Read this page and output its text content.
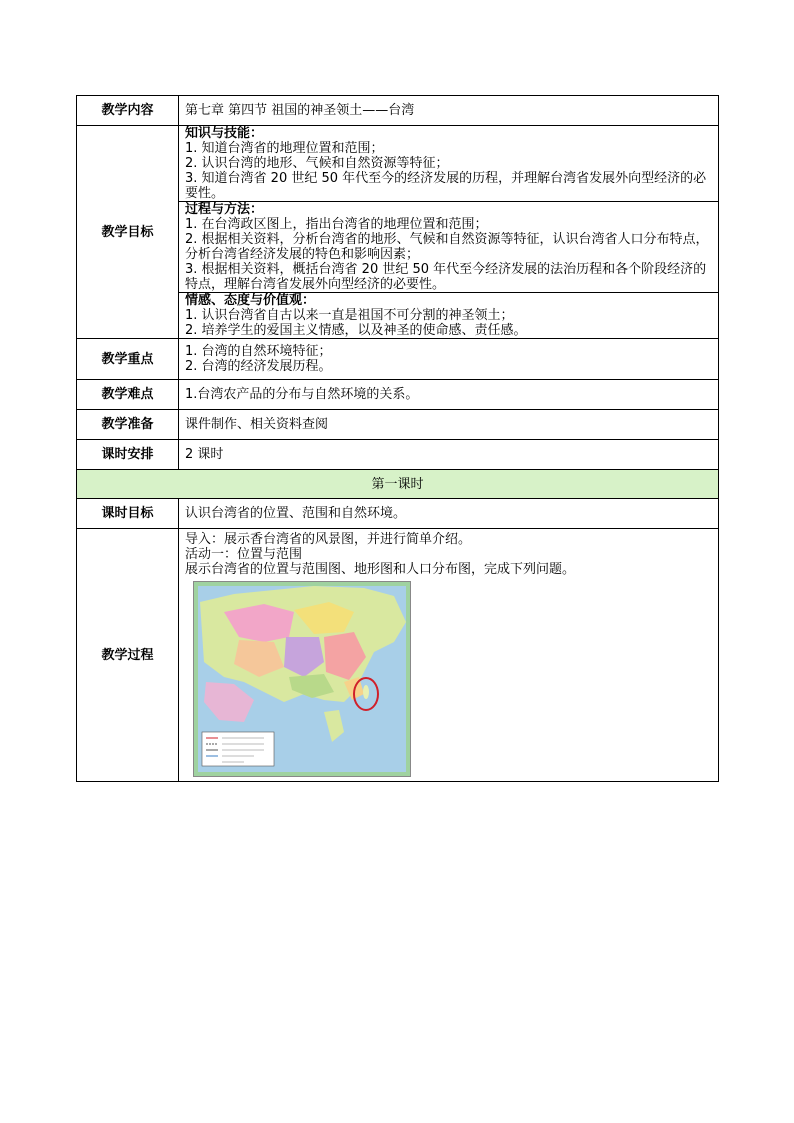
教学内容	第七章 第四节 祖国的神圣领土——台湾
教学目标	知识与技能：
1. 知道台湾省的地理位置和范围；
2. 认识台湾的地形、气候和自然资源等特征；
3. 知道台湾省 20 世纪 50 年代至今的经济发展的历程，并理解台湾省发展外向型经济的必要性。

	过程与方法：
1. 在台湾政区图上，指出台湾省的地理位置和范围；
2. 根据相关资料，分析台湾省的地形、气候和自然资源等特征，认识台湾省人口分布特点，分析台湾省经济发展的特色和影响因素；
3. 根据相关资料，概括台湾省 20 世纪 50 年代至今经济发展的法治历程和各个阶段经济的特点，理解台湾省发展外向型经济的必要性。

	情感、态度与价值观：
1. 认识台湾省自古以来一直是祖国不可分割的神圣领土；
2. 培养学生的爱国主义情感，以及神圣的使命感、责任感。

教学重点	1. 台湾的自然环境特征；
2. 台湾的经济发展历程。

教学难点	1.台湾农产品的分布与自然环境的关系。
教学准备	课件制作、相关资料查阅
课时安排	2 课时
第一课时	
课时目标	认识台湾省的位置、范围和自然环境。
教学过程	导入：展示香台湾省的风景图，并进行简单介绍。
活动一：位置与范围
展示台湾省的位置与范围图、地形图和人口分布图，完成下列问题。
